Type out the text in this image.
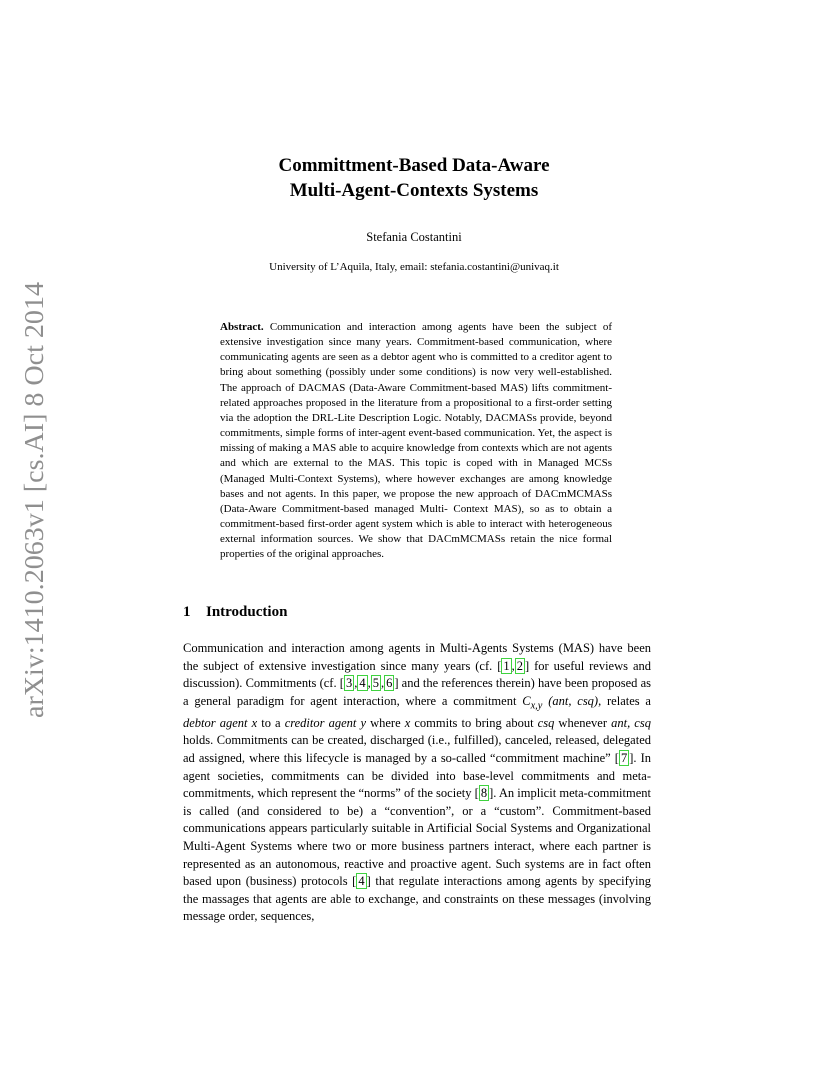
arXiv:1410.2063v1 [cs.AI] 8 Oct 2014
Committment-Based Data-Aware
Multi-Agent-Contexts Systems
Stefania Costantini
University of L’Aquila, Italy, email: stefania.costantini@univaq.it
Abstract. Communication and interaction among agents have been the subject of extensive investigation since many years. Commitment-based communication, where communicating agents are seen as a debtor agent who is committed to a creditor agent to bring about something (possibly under some conditions) is now very well-established. The approach of DACMAS (Data-Aware Commitment-based MAS) lifts commitment-related approaches proposed in the literature from a propositional to a first-order setting via the adoption the DRL-Lite Description Logic. Notably, DACMASs provide, beyond commitments, simple forms of inter-agent event-based communication. Yet, the aspect is missing of making a MAS able to acquire knowledge from contexts which are not agents and which are external to the MAS. This topic is coped with in Managed MCSs (Managed Multi-Context Systems), where however exchanges are among knowledge bases and not agents. In this paper, we propose the new approach of DACmMCMASs (Data-Aware Commitment-based managed Multi- Context MAS), so as to obtain a commitment-based first-order agent system which is able to interact with heterogeneous external information sources. We show that DACmMCMASs retain the nice formal properties of the original approaches.
1 Introduction

Communication and interaction among agents in Multi-Agents Systems (MAS) have been the subject of extensive investigation since many years (cf. [ 1 , 2 ] for useful reviews and discussion). Commitments (cf. [ 3 , 4 , 5 , 6 ] and the references therein) have been proposed as a general paradigm for agent interaction, where a commitment $C_{x,y}$ (ant, csq), relates a debtor agent x to a creditor agent y where x commits to bring about csq whenever ant, csq holds. Commitments can be created, discharged (i.e., fulfilled), canceled, released, delegated ad assigned, where this lifecycle is managed by a so-called “commitment machine” [ 7 ]. In agent societies, commitments can be divided into base-level commitments and meta-commitments, which represent the “norms” of the society [ 8 ]. An implicit meta-commitment is called (and considered to be) a “convention”, or a “custom”. Commitment-based communications appears particularly suitable in Artificial Social Systems and Organizational Multi-Agent Systems where two or more business partners interact, where each partner is represented as an autonomous, reactive and proactive agent. Such systems are in fact often based upon (business) protocols [ 4 ] that regulate interactions among agents by specifying the massages that agents are able to exchange, and constraints on these messages (involving message order, sequences,
